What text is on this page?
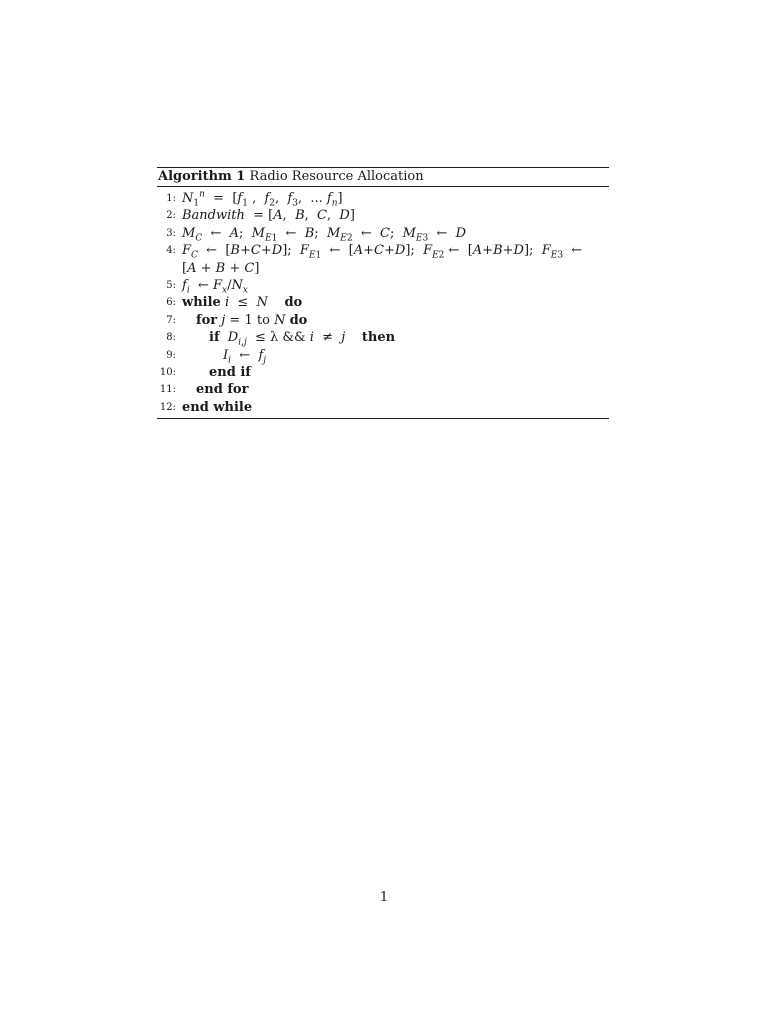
Algorithm 1 Radio Resource Allocation
1: $N_1^n = [f_1$ ,  $f_2$,  $f_3$,  ... $f_n$]
2: Bandwith  = [A,  B,  C,  D]
3: $M_C$  ←  A;  $M_{E1}$  ←  B;  $M_{E2}$  ←  C;  $M_{E3}$  ←  D
4: $F_C$  ←  [B+C+D];  $F_{E1}$  ←  [A+C+D];  $F_{E2}$ ←  [A+B+D];  $F_{E3}$  ←
[A + B + C]
5: $f_i$  ← $F_x/N_x$
6: while i  ≤  N do
7: for j = 1 to N do
8:	if $D_{i,j} \le \lambda$ && i  ≠  j then
9:	$I_i$  ←  $f_j$
10:	end if
11: end for
12: end while
1
